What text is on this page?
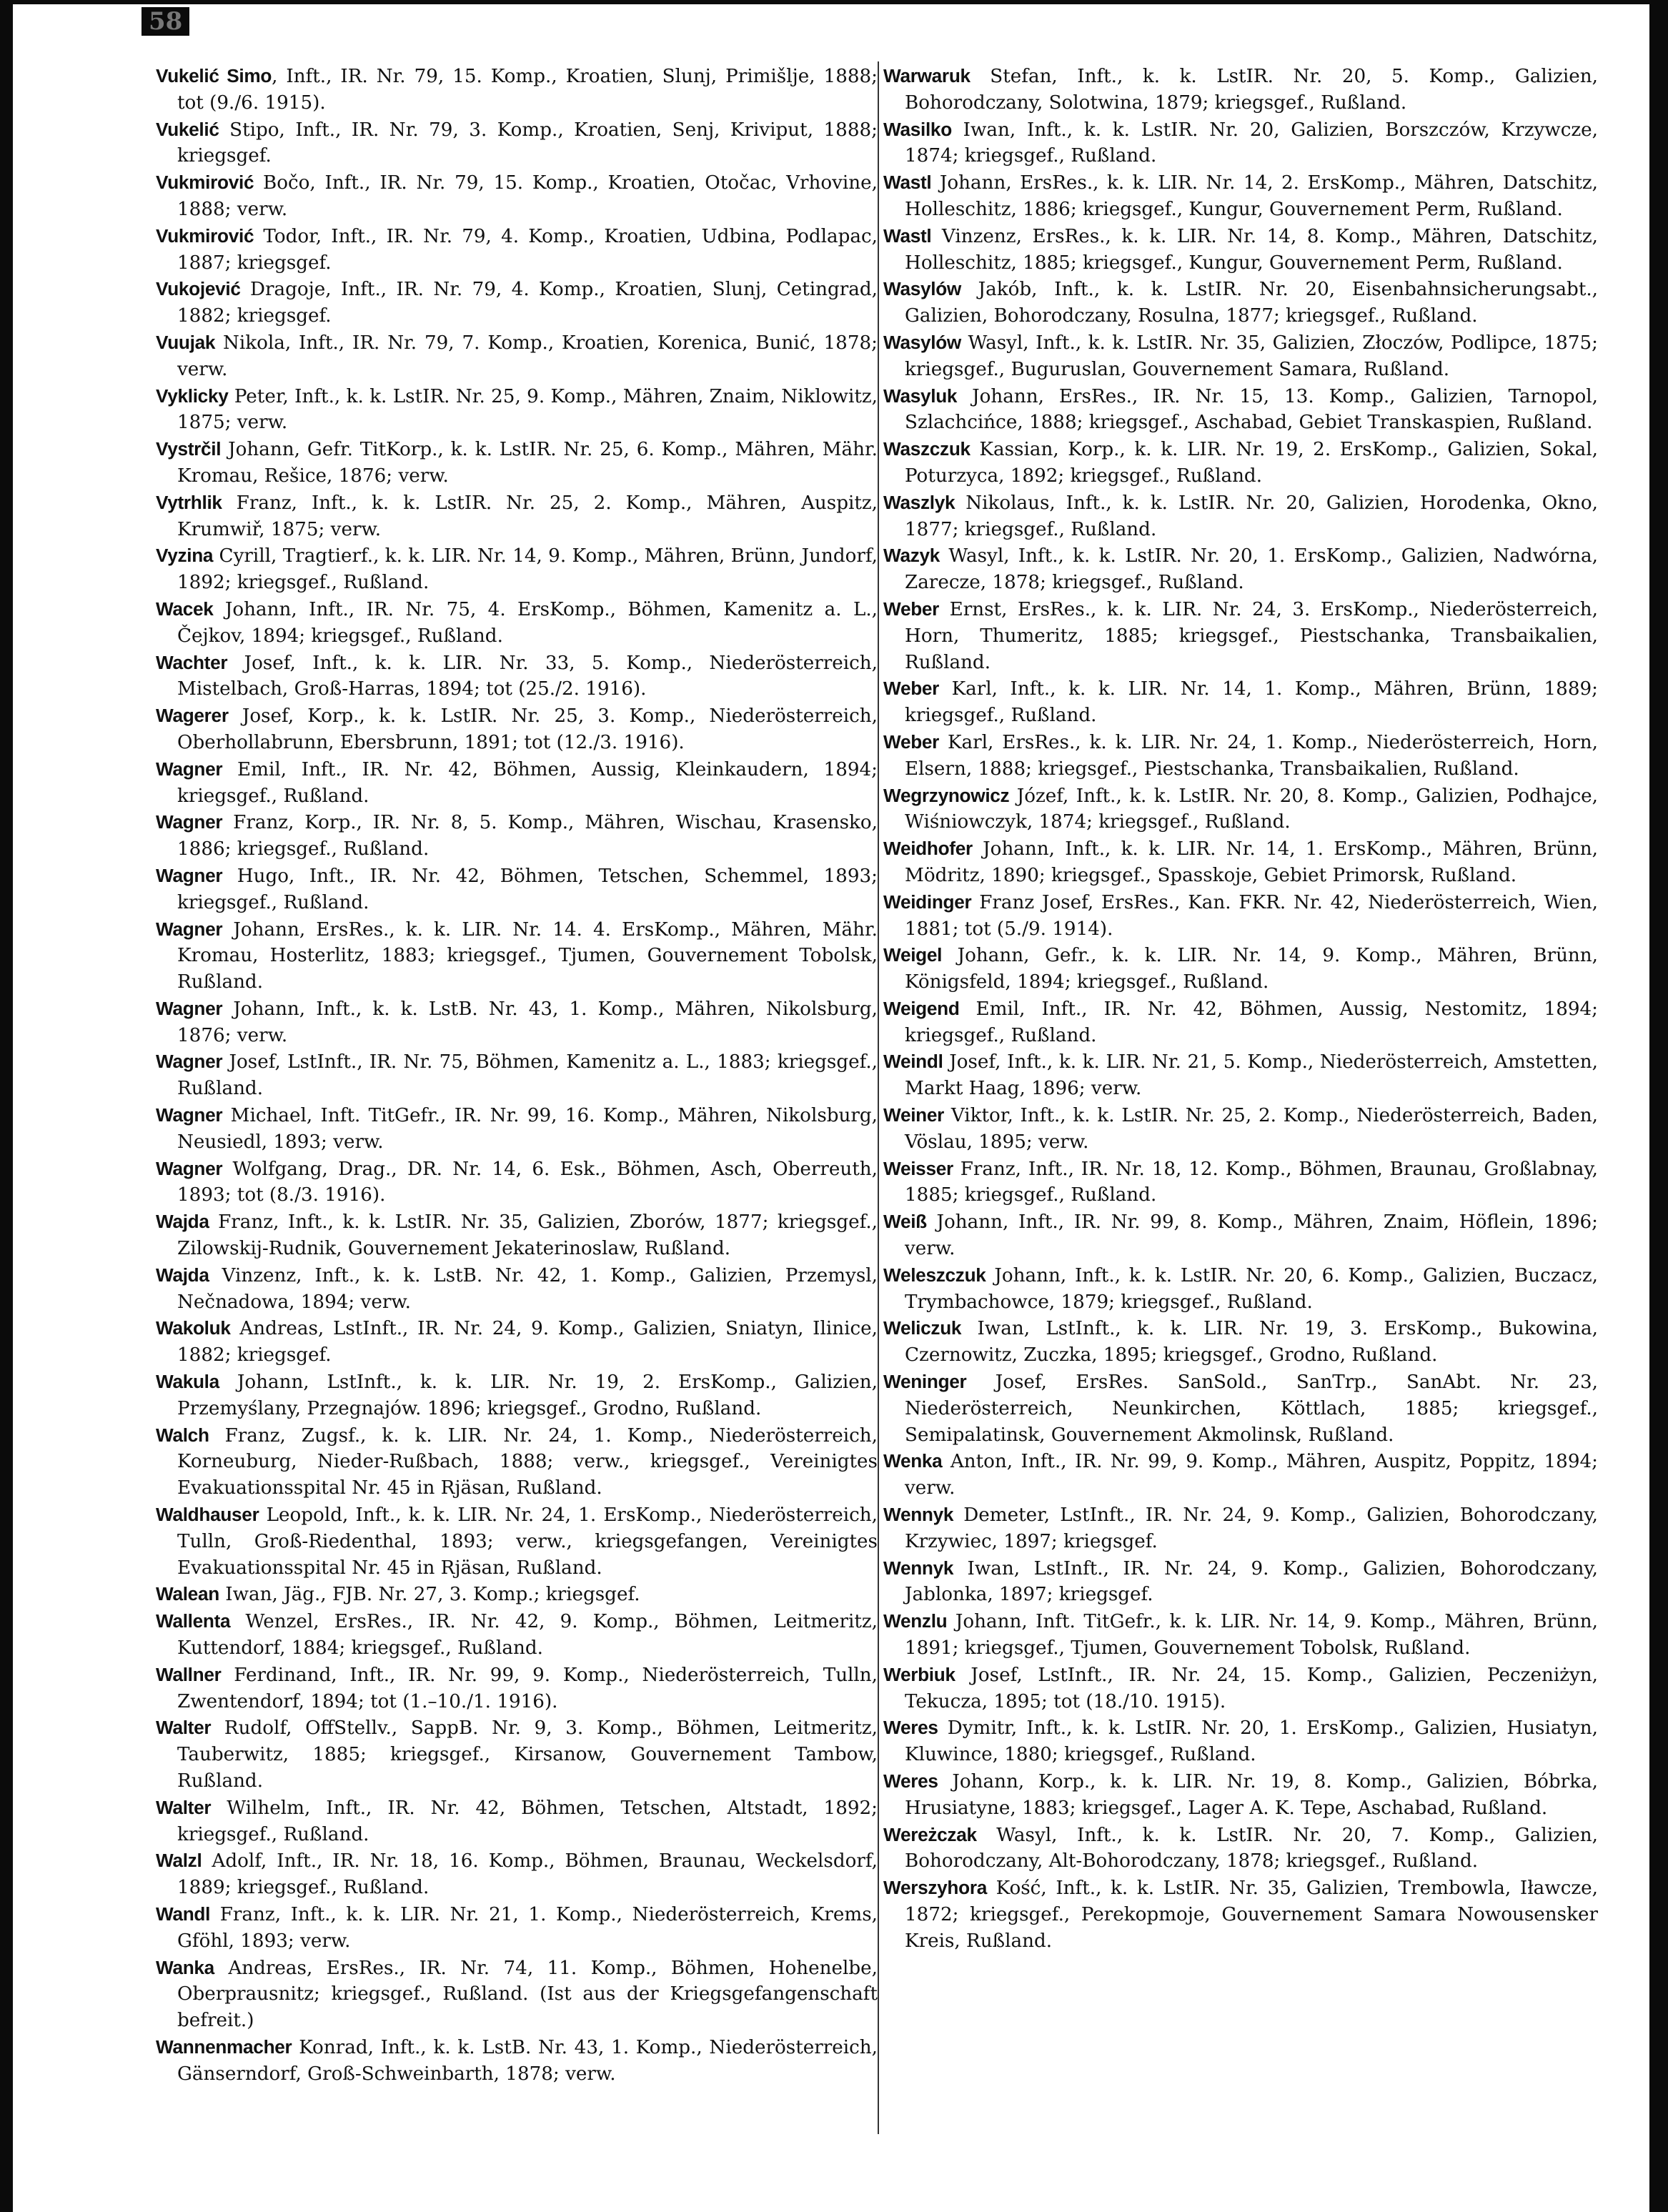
58

Vukelić Simo, Inft., IR. Nr. 79, 15. Komp., Kroatien, Slunj, Primišlje, 1888; tot (9./6. 1915).

Vukelić Stipo, Inft., IR. Nr. 79, 3. Komp., Kroatien, Senj, Kriviput, 1888; kriegsgef.

Vukmirović Bočo, Inft., IR. Nr. 79, 15. Komp., Kroatien, Otočac, Vrhovine, 1888; verw.

Vukmirović Todor, Inft., IR. Nr. 79, 4. Komp., Kroatien, Udbina, Podlapac, 1887; kriegsgef.

Vukojević Dragoje, Inft., IR. Nr. 79, 4. Komp., Kroatien, Slunj, Cetingrad, 1882; kriegsgef.

Vuujak Nikola, Inft., IR. Nr. 79, 7. Komp., Kroatien, Korenica, Bunić, 1878; verw.

Vyklicky Peter, Inft., k. k. LstIR. Nr. 25, 9. Komp., Mähren, Znaim, Niklowitz, 1875; verw.

Vystrčil Johann, Gefr. TitKorp., k. k. LstIR. Nr. 25, 6. Komp., Mähren, Mähr. Kromau, Rešice, 1876; verw.

Vytrhlik Franz, Inft., k. k. LstIR. Nr. 25, 2. Komp., Mähren, Auspitz, Krumwiř, 1875; verw.

Vyzina Cyrill, Tragtierf., k. k. LIR. Nr. 14, 9. Komp., Mähren, Brünn, Jundorf, 1892; kriegsgef., Rußland.

Wacek Johann, Inft., IR. Nr. 75, 4. ErsKomp., Böhmen, Kamenitz a. L., Čejkov, 1894; kriegsgef., Rußland.

Wachter Josef, Inft., k. k. LIR. Nr. 33, 5. Komp., Niederösterreich, Mistelbach, Groß-Harras, 1894; tot (25./2. 1916).

Wagerer Josef, Korp., k. k. LstIR. Nr. 25, 3. Komp., Niederösterreich, Oberhollabrunn, Ebersbrunn, 1891; tot (12./3. 1916).

Wagner Emil, Inft., IR. Nr. 42, Böhmen, Aussig, Kleinkaudern, 1894; kriegsgef., Rußland.

Wagner Franz, Korp., IR. Nr. 8, 5. Komp., Mähren, Wischau, Krasensko, 1886; kriegsgef., Rußland.

Wagner Hugo, Inft., IR. Nr. 42, Böhmen, Tetschen, Schemmel, 1893; kriegsgef., Rußland.

Wagner Johann, ErsRes., k. k. LIR. Nr. 14. 4. ErsKomp., Mähren, Mähr. Kromau, Hosterlitz, 1883; kriegsgef., Tjumen, Gouvernement Tobolsk, Rußland.

Wagner Johann, Inft., k. k. LstB. Nr. 43, 1. Komp., Mähren, Nikolsburg, 1876; verw.

Wagner Josef, LstInft., IR. Nr. 75, Böhmen, Kamenitz a. L., 1883; kriegsgef., Rußland.

Wagner Michael, Inft. TitGefr., IR. Nr. 99, 16. Komp., Mähren, Nikolsburg, Neusiedl, 1893; verw.

Wagner Wolfgang, Drag., DR. Nr. 14, 6. Esk., Böhmen, Asch, Oberreuth, 1893; tot (8./3. 1916).

Wajda Franz, Inft., k. k. LstIR. Nr. 35, Galizien, Zborów, 1877; kriegsgef., Zilowskij-Rudnik, Gouvernement Jekaterinoslaw, Rußland.

Wajda Vinzenz, Inft., k. k. LstB. Nr. 42, 1. Komp., Galizien, Przemysl, Nečnadowa, 1894; verw.

Wakoluk Andreas, LstInft., IR. Nr. 24, 9. Komp., Galizien, Sniatyn, Ilinice, 1882; kriegsgef.

Wakula Johann, LstInft., k. k. LIR. Nr. 19, 2. ErsKomp., Galizien, Przemyślany, Przegnajów. 1896; kriegsgef., Grodno, Rußland.

Walch Franz, Zugsf., k. k. LIR. Nr. 24, 1. Komp., Niederösterreich, Korneuburg, Nieder-Rußbach, 1888; verw., kriegsgef., Vereinigtes Evakuationsspital Nr. 45 in Rjäsan, Rußland.

Waldhauser Leopold, Inft., k. k. LIR. Nr. 24, 1. ErsKomp., Niederösterreich, Tulln, Groß-Riedenthal, 1893; verw., kriegsgefangen, Vereinigtes Evakuationsspital Nr. 45 in Rjäsan, Rußland.

Walean Iwan, Jäg., FJB. Nr. 27, 3. Komp.; kriegsgef.

Wallenta Wenzel, ErsRes., IR. Nr. 42, 9. Komp., Böhmen, Leitmeritz, Kuttendorf, 1884; kriegsgef., Rußland.

Wallner Ferdinand, Inft., IR. Nr. 99, 9. Komp., Niederösterreich, Tulln, Zwentendorf, 1894; tot (1.–10./1. 1916).

Walter Rudolf, OffStellv., SappB. Nr. 9, 3. Komp., Böhmen, Leitmeritz, Tauberwitz, 1885; kriegsgef., Kirsanow, Gouvernement Tambow, Rußland.

Walter Wilhelm, Inft., IR. Nr. 42, Böhmen, Tetschen, Altstadt, 1892; kriegsgef., Rußland.

Walzl Adolf, Inft., IR. Nr. 18, 16. Komp., Böhmen, Braunau, Weckelsdorf, 1889; kriegsgef., Rußland.

Wandl Franz, Inft., k. k. LIR. Nr. 21, 1. Komp., Niederösterreich, Krems, Gföhl, 1893; verw.

Wanka Andreas, ErsRes., IR. Nr. 74, 11. Komp., Böhmen, Hohenelbe, Oberprausnitz; kriegsgef., Rußland. (Ist aus der Kriegsgefangenschaft befreit.)

Wannenmacher Konrad, Inft., k. k. LstB. Nr. 43, 1. Komp., Niederösterreich, Gänserndorf, Groß-Schweinbarth, 1878; verw.

Warwaruk Stefan, Inft., k. k. LstIR. Nr. 20, 5. Komp., Galizien, Bohorodczany, Solotwina, 1879; kriegsgef., Rußland.

Wasilko Iwan, Inft., k. k. LstIR. Nr. 20, Galizien, Borszczów, Krzywcze, 1874; kriegsgef., Rußland.

Wastl Johann, ErsRes., k. k. LIR. Nr. 14, 2. ErsKomp., Mähren, Datschitz, Holleschitz, 1886; kriegsgef., Kungur, Gouvernement Perm, Rußland.

Wastl Vinzenz, ErsRes., k. k. LIR. Nr. 14, 8. Komp., Mähren, Datschitz, Holleschitz, 1885; kriegsgef., Kungur, Gouvernement Perm, Rußland.

Wasylów Jakób, Inft., k. k. LstIR. Nr. 20, Eisenbahnsicherungsabt., Galizien, Bohorodczany, Rosulna, 1877; kriegsgef., Rußland.

Wasylów Wasyl, Inft., k. k. LstIR. Nr. 35, Galizien, Złoczów, Podlipce, 1875; kriegsgef., Buguruslan, Gouvernement Samara, Rußland.

Wasyluk Johann, ErsRes., IR. Nr. 15, 13. Komp., Galizien, Tarnopol, Szlachcińce, 1888; kriegsgef., Aschabad, Gebiet Transkaspien, Rußland.

Waszczuk Kassian, Korp., k. k. LIR. Nr. 19, 2. ErsKomp., Galizien, Sokal, Poturzyca, 1892; kriegsgef., Rußland.

Waszlyk Nikolaus, Inft., k. k. LstIR. Nr. 20, Galizien, Horodenka, Okno, 1877; kriegsgef., Rußland.

Wazyk Wasyl, Inft., k. k. LstIR. Nr. 20, 1. ErsKomp., Galizien, Nadwórna, Zarecze, 1878; kriegsgef., Rußland.

Weber Ernst, ErsRes., k. k. LIR. Nr. 24, 3. ErsKomp., Niederösterreich, Horn, Thumeritz, 1885; kriegsgef., Piestschanka, Transbaikalien, Rußland.

Weber Karl, Inft., k. k. LIR. Nr. 14, 1. Komp., Mähren, Brünn, 1889; kriegsgef., Rußland.

Weber Karl, ErsRes., k. k. LIR. Nr. 24, 1. Komp., Niederösterreich, Horn, Elsern, 1888; kriegsgef., Piestschanka, Transbaikalien, Rußland.

Wegrzynowicz Józef, Inft., k. k. LstIR. Nr. 20, 8. Komp., Galizien, Podhajce, Wiśniowczyk, 1874; kriegsgef., Rußland.

Weidhofer Johann, Inft., k. k. LIR. Nr. 14, 1. ErsKomp., Mähren, Brünn, Mödritz, 1890; kriegsgef., Spasskoje, Gebiet Primorsk, Rußland.

Weidinger Franz Josef, ErsRes., Kan. FKR. Nr. 42, Niederösterreich, Wien, 1881; tot (5./9. 1914).

Weigel Johann, Gefr., k. k. LIR. Nr. 14, 9. Komp., Mähren, Brünn, Königsfeld, 1894; kriegsgef., Rußland.

Weigend Emil, Inft., IR. Nr. 42, Böhmen, Aussig, Nestomitz, 1894; kriegsgef., Rußland.

Weindl Josef, Inft., k. k. LIR. Nr. 21, 5. Komp., Niederösterreich, Amstetten, Markt Haag, 1896; verw.

Weiner Viktor, Inft., k. k. LstIR. Nr. 25, 2. Komp., Niederösterreich, Baden, Vöslau, 1895; verw.

Weisser Franz, Inft., IR. Nr. 18, 12. Komp., Böhmen, Braunau, Großlabnay, 1885; kriegsgef., Rußland.

Weiß Johann, Inft., IR. Nr. 99, 8. Komp., Mähren, Znaim, Höflein, 1896; verw.

Weleszczuk Johann, Inft., k. k. LstIR. Nr. 20, 6. Komp., Galizien, Buczacz, Trymbachowce, 1879; kriegsgef., Rußland.

Weliczuk Iwan, LstInft., k. k. LIR. Nr. 19, 3. ErsKomp., Bukowina, Czernowitz, Zuczka, 1895; kriegsgef., Grodno, Rußland.

Weninger Josef, ErsRes. SanSold., SanTrp., SanAbt. Nr. 23, Niederösterreich, Neunkirchen, Köttlach, 1885; kriegsgef., Semipalatinsk, Gouvernement Akmolinsk, Rußland.

Wenka Anton, Inft., IR. Nr. 99, 9. Komp., Mähren, Auspitz, Poppitz, 1894; verw.

Wennyk Demeter, LstInft., IR. Nr. 24, 9. Komp., Galizien, Bohorodczany, Krzywiec, 1897; kriegsgef.

Wennyk Iwan, LstInft., IR. Nr. 24, 9. Komp., Galizien, Bohorodczany, Jablonka, 1897; kriegsgef.

Wenzlu Johann, Inft. TitGefr., k. k. LIR. Nr. 14, 9. Komp., Mähren, Brünn, 1891; kriegsgef., Tjumen, Gouvernement Tobolsk, Rußland.

Werbiuk Josef, LstInft., IR. Nr. 24, 15. Komp., Galizien, Peczeniżyn, Tekucza, 1895; tot (18./10. 1915).

Weres Dymitr, Inft., k. k. LstIR. Nr. 20, 1. ErsKomp., Galizien, Husiatyn, Kluwince, 1880; kriegsgef., Rußland.

Weres Johann, Korp., k. k. LIR. Nr. 19, 8. Komp., Galizien, Bóbrka, Hrusiatyne, 1883; kriegsgef., Lager A. K. Tepe, Aschabad, Rußland.

Wereżczak Wasyl, Inft., k. k. LstIR. Nr. 20, 7. Komp., Galizien, Bohorodczany, Alt-Bohorodczany, 1878; kriegsgef., Rußland.

Werszyhora Kość, Inft., k. k. LstIR. Nr. 35, Galizien, Trembowla, Iławcze, 1872; kriegsgef., Perekopmoje, Gouvernement Samara Nowousensker Kreis, Rußland.
